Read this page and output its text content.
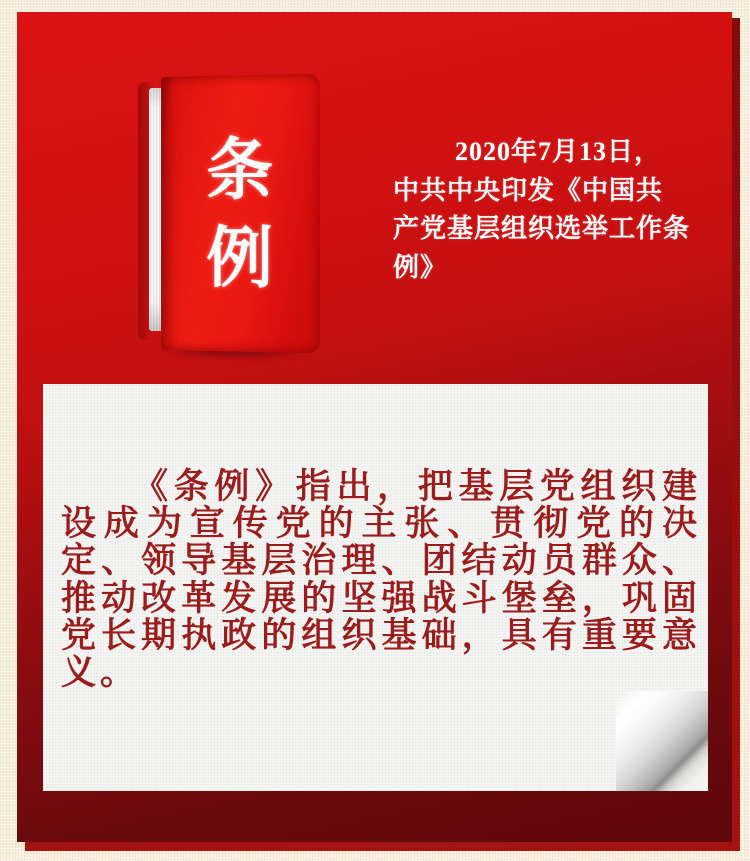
条
例
2020年7月13日，
中共中央印发《中国共
产党基层组织选举工作条
例》
《条例》指出，把基层党组织建
设成为宣传党的主张、贯彻党的决
定、领导基层治理、团结动员群众、
推动改革发展的坚强战斗堡垒，巩固
党长期执政的组织基础，具有重要意
义。
